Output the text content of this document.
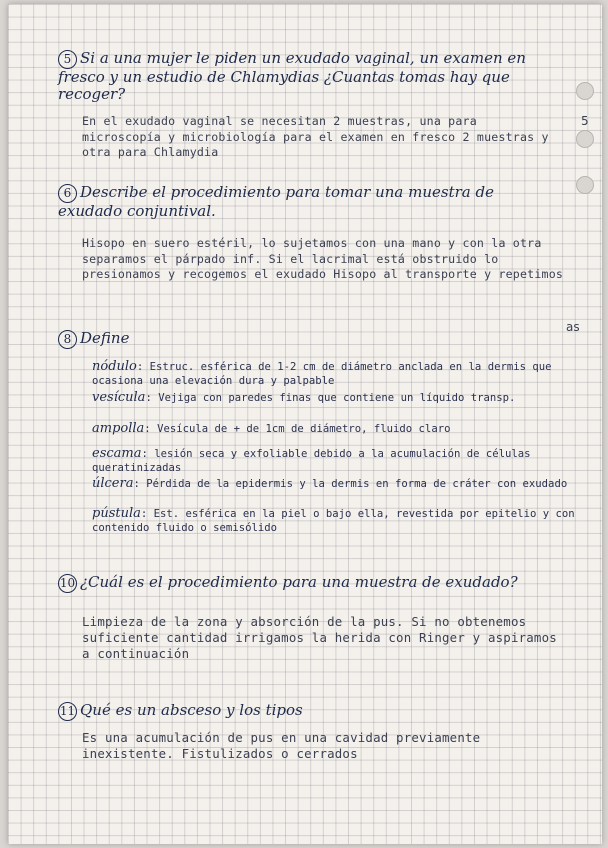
5 Si a una mujer le piden un exudado vaginal, un examen en fresco y un estudio de Chlamydias ¿Cuantas tomas hay que recoger?
En el exudado vaginal se necesitan 2 muestras, una para microscopía y microbiología para el examen en fresco 2 muestras y otra para Chlamydia
5
6 Describe el procedimiento para tomar una muestra de exudado conjuntival.
Hisopo en suero estéril, lo sujetamos con una mano y con la otra separamos el párpado inf. Si el lacrimal está obstruido lo presionamos y recogemos el exudado Hisopo al transporte y repetimos
as
8 Define
nódulo: Estruc. esférica de 1-2 cm de diámetro anclada en la dermis que ocasiona una elevación dura y palpable
vesícula: Vejiga con paredes finas que contiene un líquido transp.
ampolla: Vesícula de + de 1cm de diámetro, fluido claro
escama: lesión seca y exfoliable debido a la acumulación de células queratinizadas
úlcera: Pérdida de la epidermis y la dermis en forma de cráter con exudado
pústula: Est. esférica en la piel o bajo ella, revestida por epitelio y con contenido fluido o semisólido
10 ¿Cuál es el procedimiento para una muestra de exudado?
Limpieza de la zona y absorción de la pus. Si no obtenemos suficiente cantidad irrigamos la herida con Ringer y aspiramos a continuación
11 Qué es un absceso y los tipos
Es una acumulación de pus en una cavidad previamente inexistente. Fistulizados o cerrados
